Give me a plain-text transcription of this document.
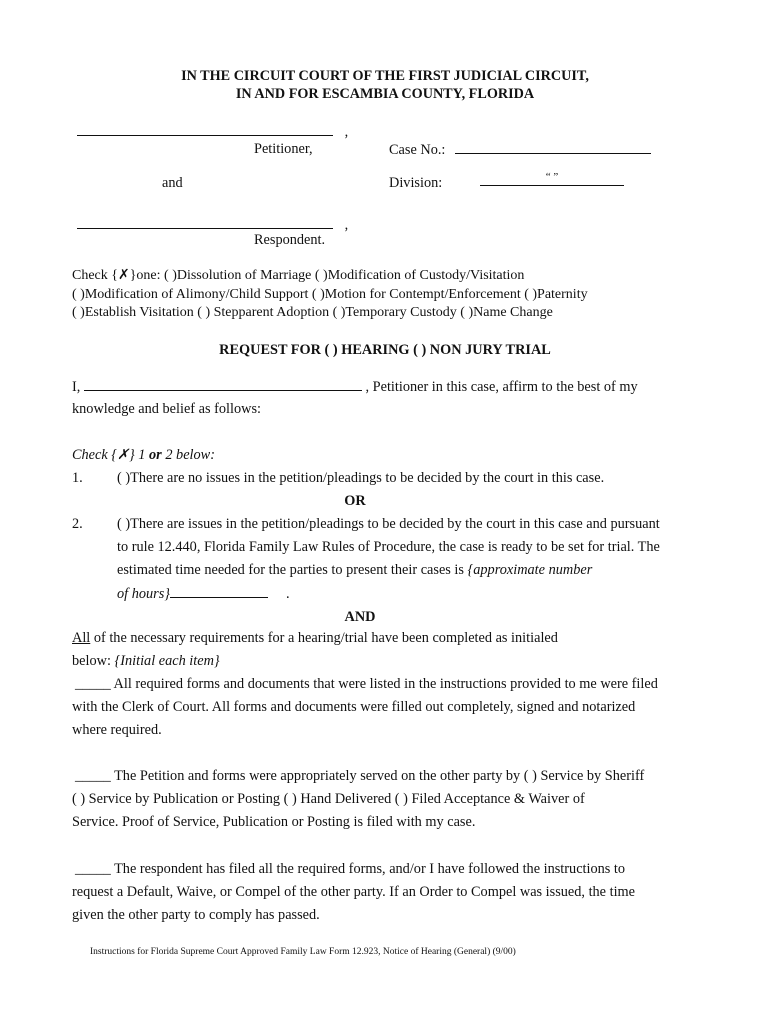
IN THE CIRCUIT COURT OF THE FIRST JUDICIAL CIRCUIT,
IN AND FOR ESCAMBIA COUNTY, FLORIDA
,
Petitioner,	Case No.:
and	Division:	“ ”
,
Respondent.
Check {✗}one: ( )Dissolution of Marriage ( )Modification of Custody/Visitation
( )Modification of Alimony/Child Support ( )Motion for Contempt/Enforcement ( )Paternity
( )Establish Visitation ( ) Stepparent Adoption ( )Temporary Custody ( )Name Change
REQUEST FOR ( ) HEARING ( ) NON JURY TRIAL
I,	, Petitioner in this case, affirm to the best of my
knowledge and belief as follows:
Check {✗} 1 or 2 below:
1. ( )There are no issues in the petition/pleadings to be decided by the court in this case.
OR
2. ( )There are issues in the petition/pleadings to be decided by the court in this case and pursuant
to rule 12.440, Florida Family Law Rules of Procedure, the case is ready to be set for trial. The
estimated time needed for the parties to present their cases is {approximate number
of hours}	.
AND
All of the necessary requirements for a hearing/trial have been completed as initialed
below: {Initial each item}
_____ All required forms and documents that were listed in the instructions provided to me were filed
with the Clerk of Court. All forms and documents were filled out completely, signed and notarized
where required.
_____ The Petition and forms were appropriately served on the other party by ( ) Service by Sheriff
( ) Service by Publication or Posting ( ) Hand Delivered ( ) Filed Acceptance & Waiver of
Service. Proof of Service, Publication or Posting is filed with my case.
_____ The respondent has filed all the required forms, and/or I have followed the instructions to
request a Default, Waive, or Compel of the other party. If an Order to Compel was issued, the time
given the other party to comply has passed.
Instructions for Florida Supreme Court Approved Family Law Form 12.923, Notice of Hearing (General) (9/00)
